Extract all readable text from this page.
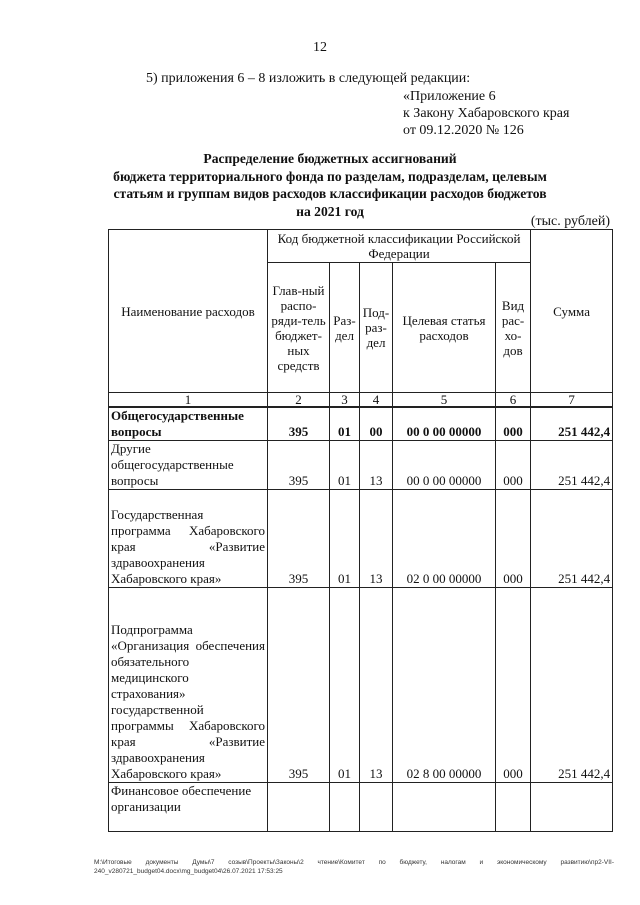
12
5) приложения 6 – 8 изложить в следующей редакции:
«Приложение 6
к Закону Хабаровского края
от 09.12.2020 № 126
Распределение бюджетных ассигнований
бюджета территориального фонда по разделам, подразделам, целевым
статьям и группам видов расходов классификации расходов бюджетов
на 2021 год
(тыс. рублей)
Наименование расходов	Код бюджетной классификации Российской Федерации					Сумма
	Глав-ный распо-ряди-тель бюджет-ных средств	Раз-дел	Под-раз-дел	Целевая статья расходов	Вид рас-хо-дов	
1	2	3	4	5	6	7
Общегосударственные вопросы	395	01	00	00 0 00 00000	000	251 442,4
Другие общегосударственные вопросы	395	01	13	00 0 00 00000	000	251 442,4
Государственная программа Хабаровского края «Развитие здравоохранения Хабаровского края»	395	01	13	02 0 00 00000	000	251 442,4
Подпрограмма «Организация обеспечения обязательного медицинского страхования» государственной программы Хабаровского края «Развитие здравоохранения Хабаровского края»	395	01	13	02 8 00 00000	000	251 442,4
Финансовое обеспечение организации						
M:\Итоговые документы Думы\7 созыв\Проекты\Законы\2 чтение\Комитет по бюджету, налогам и экономическому развитию\пр2-VII-240_v280721_budget04.docx\mg_budget04\26.07.2021 17:53:25
